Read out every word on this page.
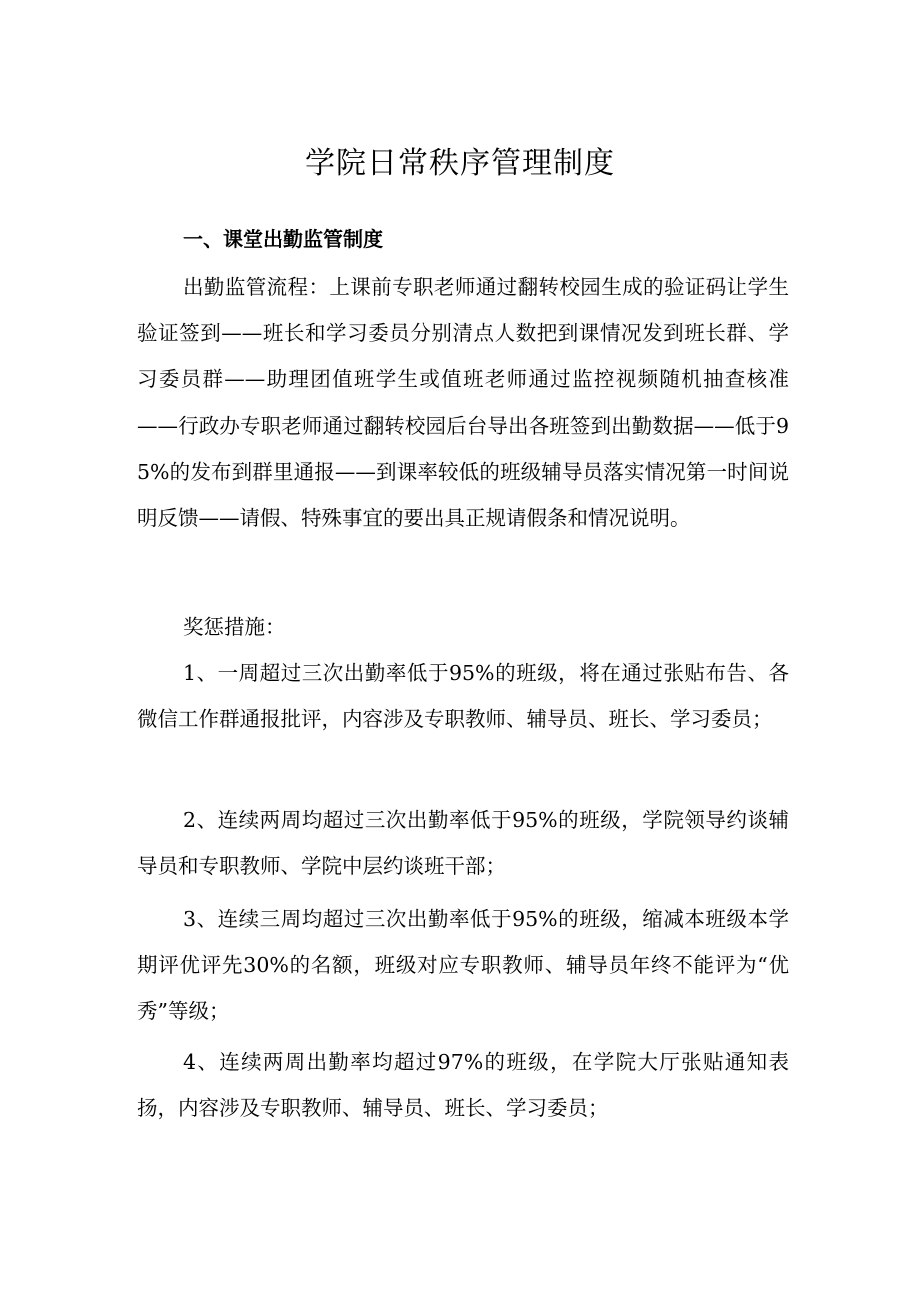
学院日常秩序管理制度
一、课堂出勤监管制度

出勤监管流程：上课前专职老师通过翻转校园生成的验证码让学生验证签到——班长和学习委员分别清点人数把到课情况发到班长群、学习委员群——助理团值班学生或值班老师通过监控视频随机抽查核准——行政办专职老师通过翻转校园后台导出各班签到出勤数据——低于95%的发布到群里通报——到课率较低的班级辅导员落实情况第一时间说明反馈——请假、特殊事宜的要出具正规请假条和情况说明。

奖惩措施：

1、一周超过三次出勤率低于95%的班级，将在通过张贴布告、各微信工作群通报批评，内容涉及专职教师、辅导员、班长、学习委员；

2、连续两周均超过三次出勤率低于95%的班级，学院领导约谈辅导员和专职教师、学院中层约谈班干部；

3、连续三周均超过三次出勤率低于95%的班级，缩减本班级本学期评优评先30%的名额，班级对应专职教师、辅导员年终不能评为“优秀”等级；

4、连续两周出勤率均超过97%的班级，在学院大厅张贴通知表扬，内容涉及专职教师、辅导员、班长、学习委员；
